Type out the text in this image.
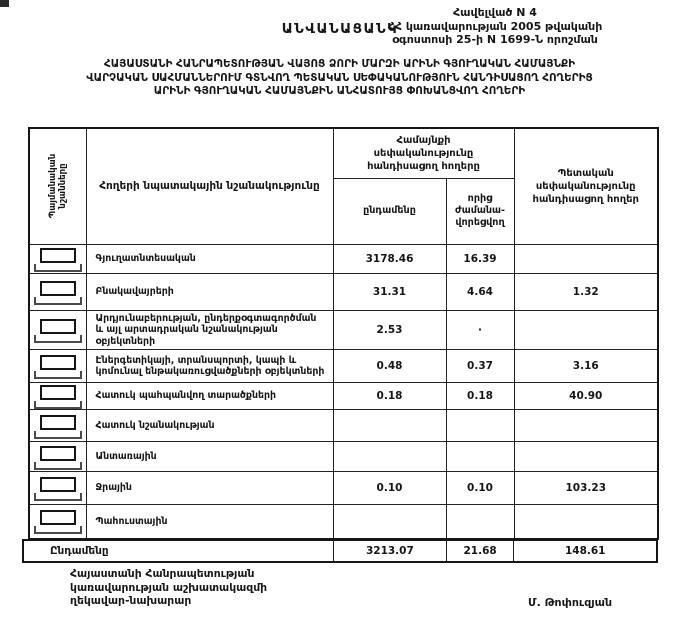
Հավելված N 4
ՀՀ կառավարության 2005 թվականի
օգոստոսի 25-ի N 1699-Ն որոշման
ԱՆՎԱՆԱՑԱՆԿ
ՀԱՅԱՍՏԱՆԻ ՀԱՆՐԱՊԵՏՈՒԹՅԱՆ ՎԱՅՈՑ ՁՈՐԻ ՄԱՐԶԻ ԱՐԻՆԻ ԳՅՈՒՂԱԿԱՆ ՀԱՄԱՅՆՔԻ
ՎԱՐՉԱԿԱՆ ՍԱՀՄԱՆՆԵՐՈՒՄ ԳՏՆՎՈՂ ՊԵՏԱԿԱՆ ՍԵՓԱԿԱՆՈՒԹՅՈՒՆ ՀԱՆԴԻՍԱՑՈՂ ՀՈՂԵՐԻՑ
ԱՐԻՆԻ ԳՅՈՒՂԱԿԱՆ ՀԱՄԱՅՆՔԻՆ ԱՆՀԱՏՈՒՅՑ ՓՈԽԱՆՑՎՈՂ ՀՈՂԵՐԻ
Պայմանական նշանները	Հողերի նպատակային նշանակությունը	Համայնքի սեփականությունը հանդիսացող հողերը		Պետական սեփականությունը հանդիսացող հողեր
		ընդամենը	որից ժամանա- վորեցվող	

	Գյուղատնտեսական	3178.46	16.39	

	Բնակավայրերի	31.31	4.64	1.32

	Արդյունաբերության, ընդերքօգտագործման և այլ արտադրական նշանակության օբյեկտների	2.53	·	

	Էներգետիկայի, տրանսպորտի, կապի և կոմունալ ենթակառուցվածքների օբյեկտների	0.48	0.37	3.16

	Հատուկ պահպանվող տարածքների	0.18	0.18	40.90

	Հատուկ նշանակության			

	Անտառային			

	Ջրային	0.10	0.10	103.23

	Պահուստային			
Ընդամենը	3213.07	21.68	148.61
Հայաստանի Հանրապետության
կառավարության աշխատակազմի
ղեկավար-նախարար	Մ. Թոփուզյան
